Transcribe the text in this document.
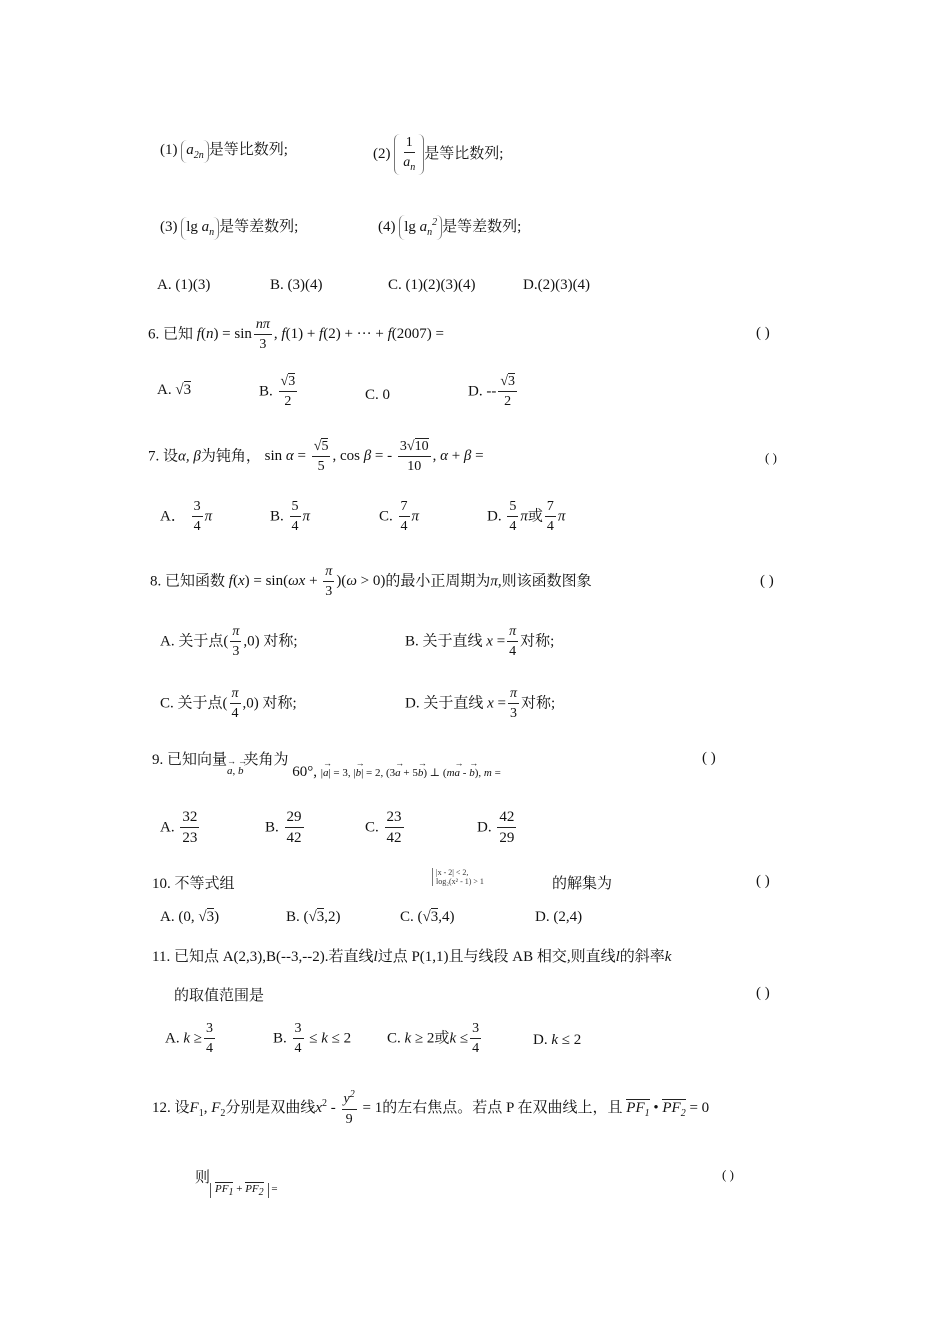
(1) $a_{2n}$ 是等比数列;	$(2) \frac{1}{a_n}$ 是等比数列;
(3) $\lg a_n$ 是等差数列;	(4) $\lg a_n^2$ 是等差数列;
A. (1)(3)	B. (3)(4)	C. (1)(2)(3)(4)	D.(2)(3)(4)
6. 已知 $f(n) = \sin \frac{n\pi}{3}$ , f(1) + f(2) + ··· + f(2007) =	( )
A. √3	B. $\frac{√3}{2}$	C. 0	D. -- $\frac{√3}{2}$
7. 设α, β为钝角， $\sin \alpha = \frac{√5}{5}$ , cos β = - $\frac{3√10}{10}$ , α + β =	( )
A． $\frac{3}{4}$ π	B. $\frac{5}{4}$ π	C. $\frac{7}{4}$ π	D. $\frac{5}{4}$ π或 $\frac{7}{4}$ π
8. 已知函数 $f(x) = \sin(\omega x + \frac{\pi}{3} )(\omega > 0)$的最小正周期为π,则该函数图象	( )
A. 关于点( $\frac{\pi}{3} ,0$) 对称;	B. 关于直线 $x = \frac{\pi}{4}$ 对称;
C. 关于点( $\frac{\pi}{4} ,0$) 对称;	D. 关于直线 $x = \frac{\pi}{3}$ 对称;
9. 已知向量→ $_{a, \to b}$夹角为 60°, |→ a| = 3, |→ b| = 2, (3→ a + 5→ b) ⊥ (m→ a - → b), m =
( )
A. $\frac{32}{23}$	B. $\frac{29}{42}$	C. $\frac{23}{42}$	D. $\frac{42}{29}$
10. 不等式组
|x - 2| < 2,
log₂(x² - 1) > 1	的解集为	( )
A. (0, √3)	B. (√3,2)	C. (√3,4)	D. (2,4)
11. 已知点 A(2,3),B(--3,--2).若直线l过点 P(1,1)且与线段 AB 相交,则直线l的斜率k
的取值范围是	( )
A. $k \ge \frac{3}{4}$	B. $\frac{3}{4} \le k \le 2$ C. k ≥ 2或$k \le \frac{3}{4}$	D. k ≤ 2
12. 设$F_1$, $F_2$分别是双曲线$x^2 - \frac{y^2}{9} = 1$的左右焦点。若点 P 在双曲线上，且 $PF_1$ • $PF_2 = 0$
则$PF_1 + PF_2$ $_=$
( )
